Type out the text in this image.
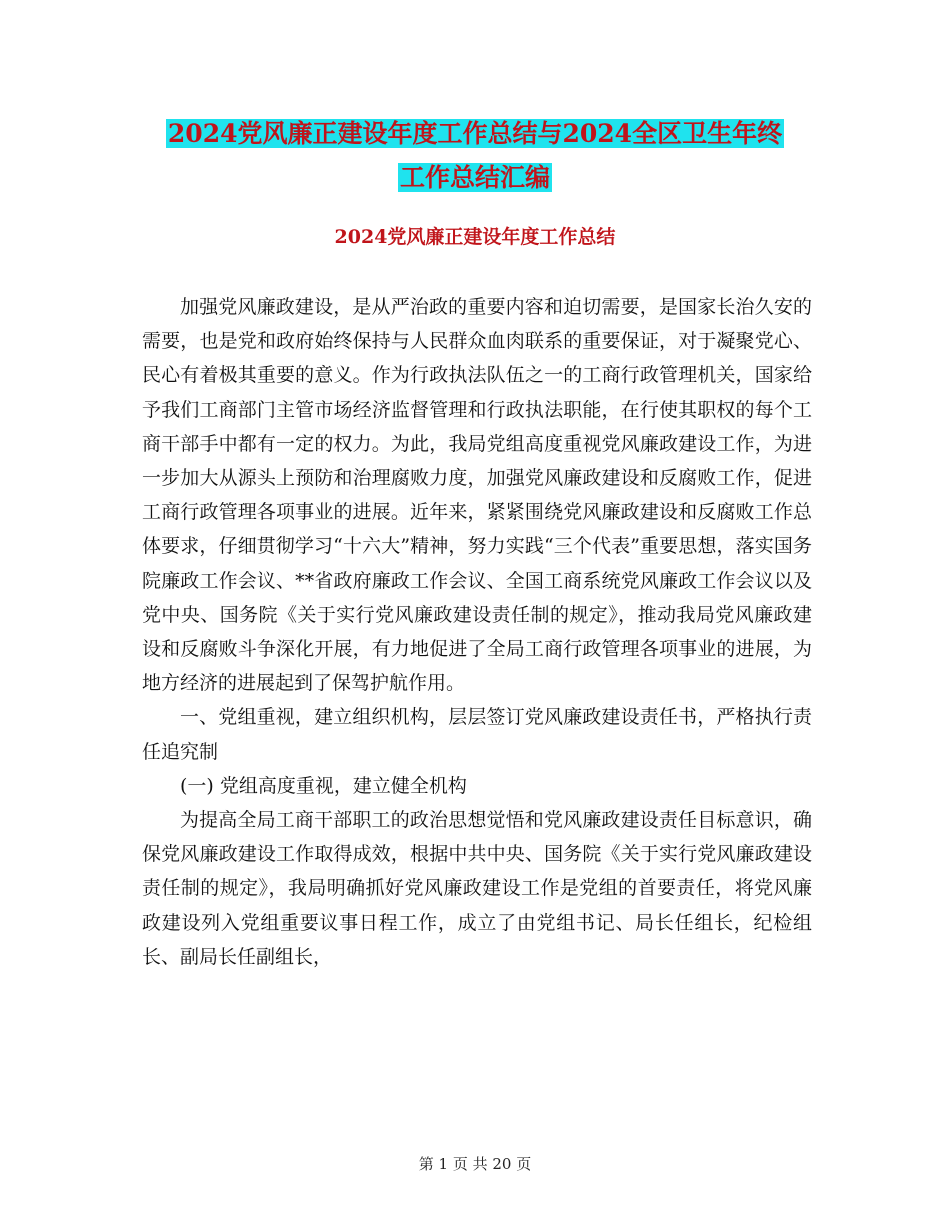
2024党风廉正建设年度工作总结与2024全区卫生年终
工作总结汇编
2024党风廉正建设年度工作总结

加强党风廉政建设，是从严治政的重要内容和迫切需要，是国家长治久安的需要，也是党和政府始终保持与人民群众血肉联系的重要保证，对于凝聚党心、民心有着极其重要的意义。作为行政执法队伍之一的工商行政管理机关，国家给予我们工商部门主管市场经济监督管理和行政执法职能，在行使其职权的每个工商干部手中都有一定的权力。为此，我局党组高度重视党风廉政建设工作，为进一步加大从源头上预防和治理腐败力度，加强党风廉政建设和反腐败工作，促进工商行政管理各项事业的进展。近年来，紧紧围绕党风廉政建设和反腐败工作总体要求，仔细贯彻学习“十六大”精神，努力实践“三个代表”重要思想，落实国务院廉政工作会议、**省政府廉政工作会议、全国工商系统党风廉政工作会议以及党中央、国务院《关于实行党风廉政建设责任制的规定》，推动我局党风廉政建设和反腐败斗争深化开展，有力地促进了全局工商行政管理各项事业的进展，为地方经济的进展起到了保驾护航作用。

一、党组重视，建立组织机构，层层签订党风廉政建设责任书，严格执行责任追究制

(一) 党组高度重视，建立健全机构

为提高全局工商干部职工的政治思想觉悟和党风廉政建设责任目标意识，确保党风廉政建设工作取得成效，根据中共中央、国务院《关于实行党风廉政建设责任制的规定》，我局明确抓好党风廉政建设工作是党组的首要责任，将党风廉政建设列入党组重要议事日程工作，成立了由党组书记、局长任组长，纪检组长、副局长任副组长，

第 1 页 共 20 页
